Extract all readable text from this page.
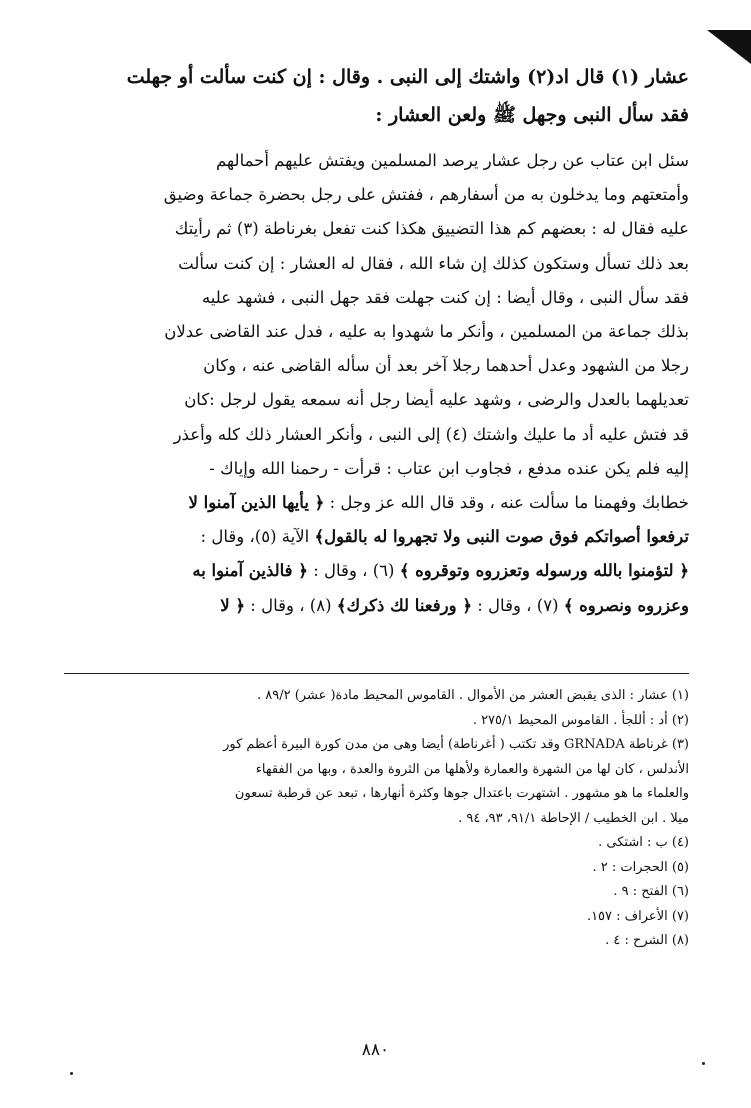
عشار (١) قال اد(٢) واشتك إلى النبى . وقال : إن كنت سألت أو جهلت
فقد سأل النبى وجهل ﷺ ولعن العشار :
سئل ابن عتاب عن رجل عشار يرصد المسلمين ويفتش عليهم أحمالهم
وأمتعتهم وما يدخلون به من أسفارهم ، ففتش على رجل بحضرة جماعة وضيق
عليه فقال له : بعضهم كم هذا التضييق هكذا كنت تفعل بغرناطة (٣) ثم رأيتك
بعد ذلك تسأل وستكون كذلك إن شاء الله ، فقال له العشار : إن كنت سألت
فقد سأل النبى ، وقال أيضا : إن كنت جهلت فقد جهل النبى ، فشهد عليه
بذلك جماعة من المسلمين ، وأنكر ما شهدوا به عليه ، فدل عند القاضى عدلان
رجلا من الشهود وعدل أحدهما رجلا آخر بعد أن سأله القاضى عنه ، وكان
تعديلهما بالعدل والرضى ، وشهد عليه أيضا رجل أنه سمعه يقول لرجل :كان
قد فتش عليه أد ما عليك واشتك (٤) إلى النبى ، وأنكر العشار ذلك كله وأعذر
إليه فلم يكن عنده مدفع ، فجاوب ابن عتاب : قرأت - رحمنا الله وإياك -
خطابك وفهمنا ما سألت عنه ، وقد قال الله عز وجل : ﴿ يأيها الذين آمنوا لا
ترفعوا أصواتكم فوق صوت النبى ولا تجهروا له بالقول﴾ الآية (٥)، وقال :
﴿ لتؤمنوا بالله ورسوله وتعزروه وتوقروه ﴾ (٦) ، وقال : ﴿ فالذين آمنوا به
وعزروه ونصروه ﴾ (٧) ، وقال : ﴿ ورفعنا لك ذكرك﴾ (٨) ، وقال : ﴿ لا
(١) عشار : الذى يقبض العشر من الأموال . القاموس المحيط مادة( عشر) ٨٩/٢ .
(٢) أد : أللجأ . القاموس المحيط ٢٧٥/١ .
(٣) غرناطة GRNADA وقد تكتب ( أغرناطة) أيضا وهى من مدن كورة البيرة أعظم كور
الأندلس ، كان لها من الشهرة والعمارة ولأهلها من الثروة والعدة ، وبها من الفقهاء
والعلماء ما هو مشهور . اشتهرت باعتدال جوها وكثرة أنهارها ، تبعد عن قرطبة تسعون
ميلا . ابن الخطيب / الإحاطة ٩١/١، ٩٣، ٩٤ .
(٤) ب : اشتكى .
(٥) الحجرات : ٢ .
(٦) الفتح : ٩ .
(٧) الأعراف : ١٥٧.
(٨) الشرح : ٤ .
٨٨٠
